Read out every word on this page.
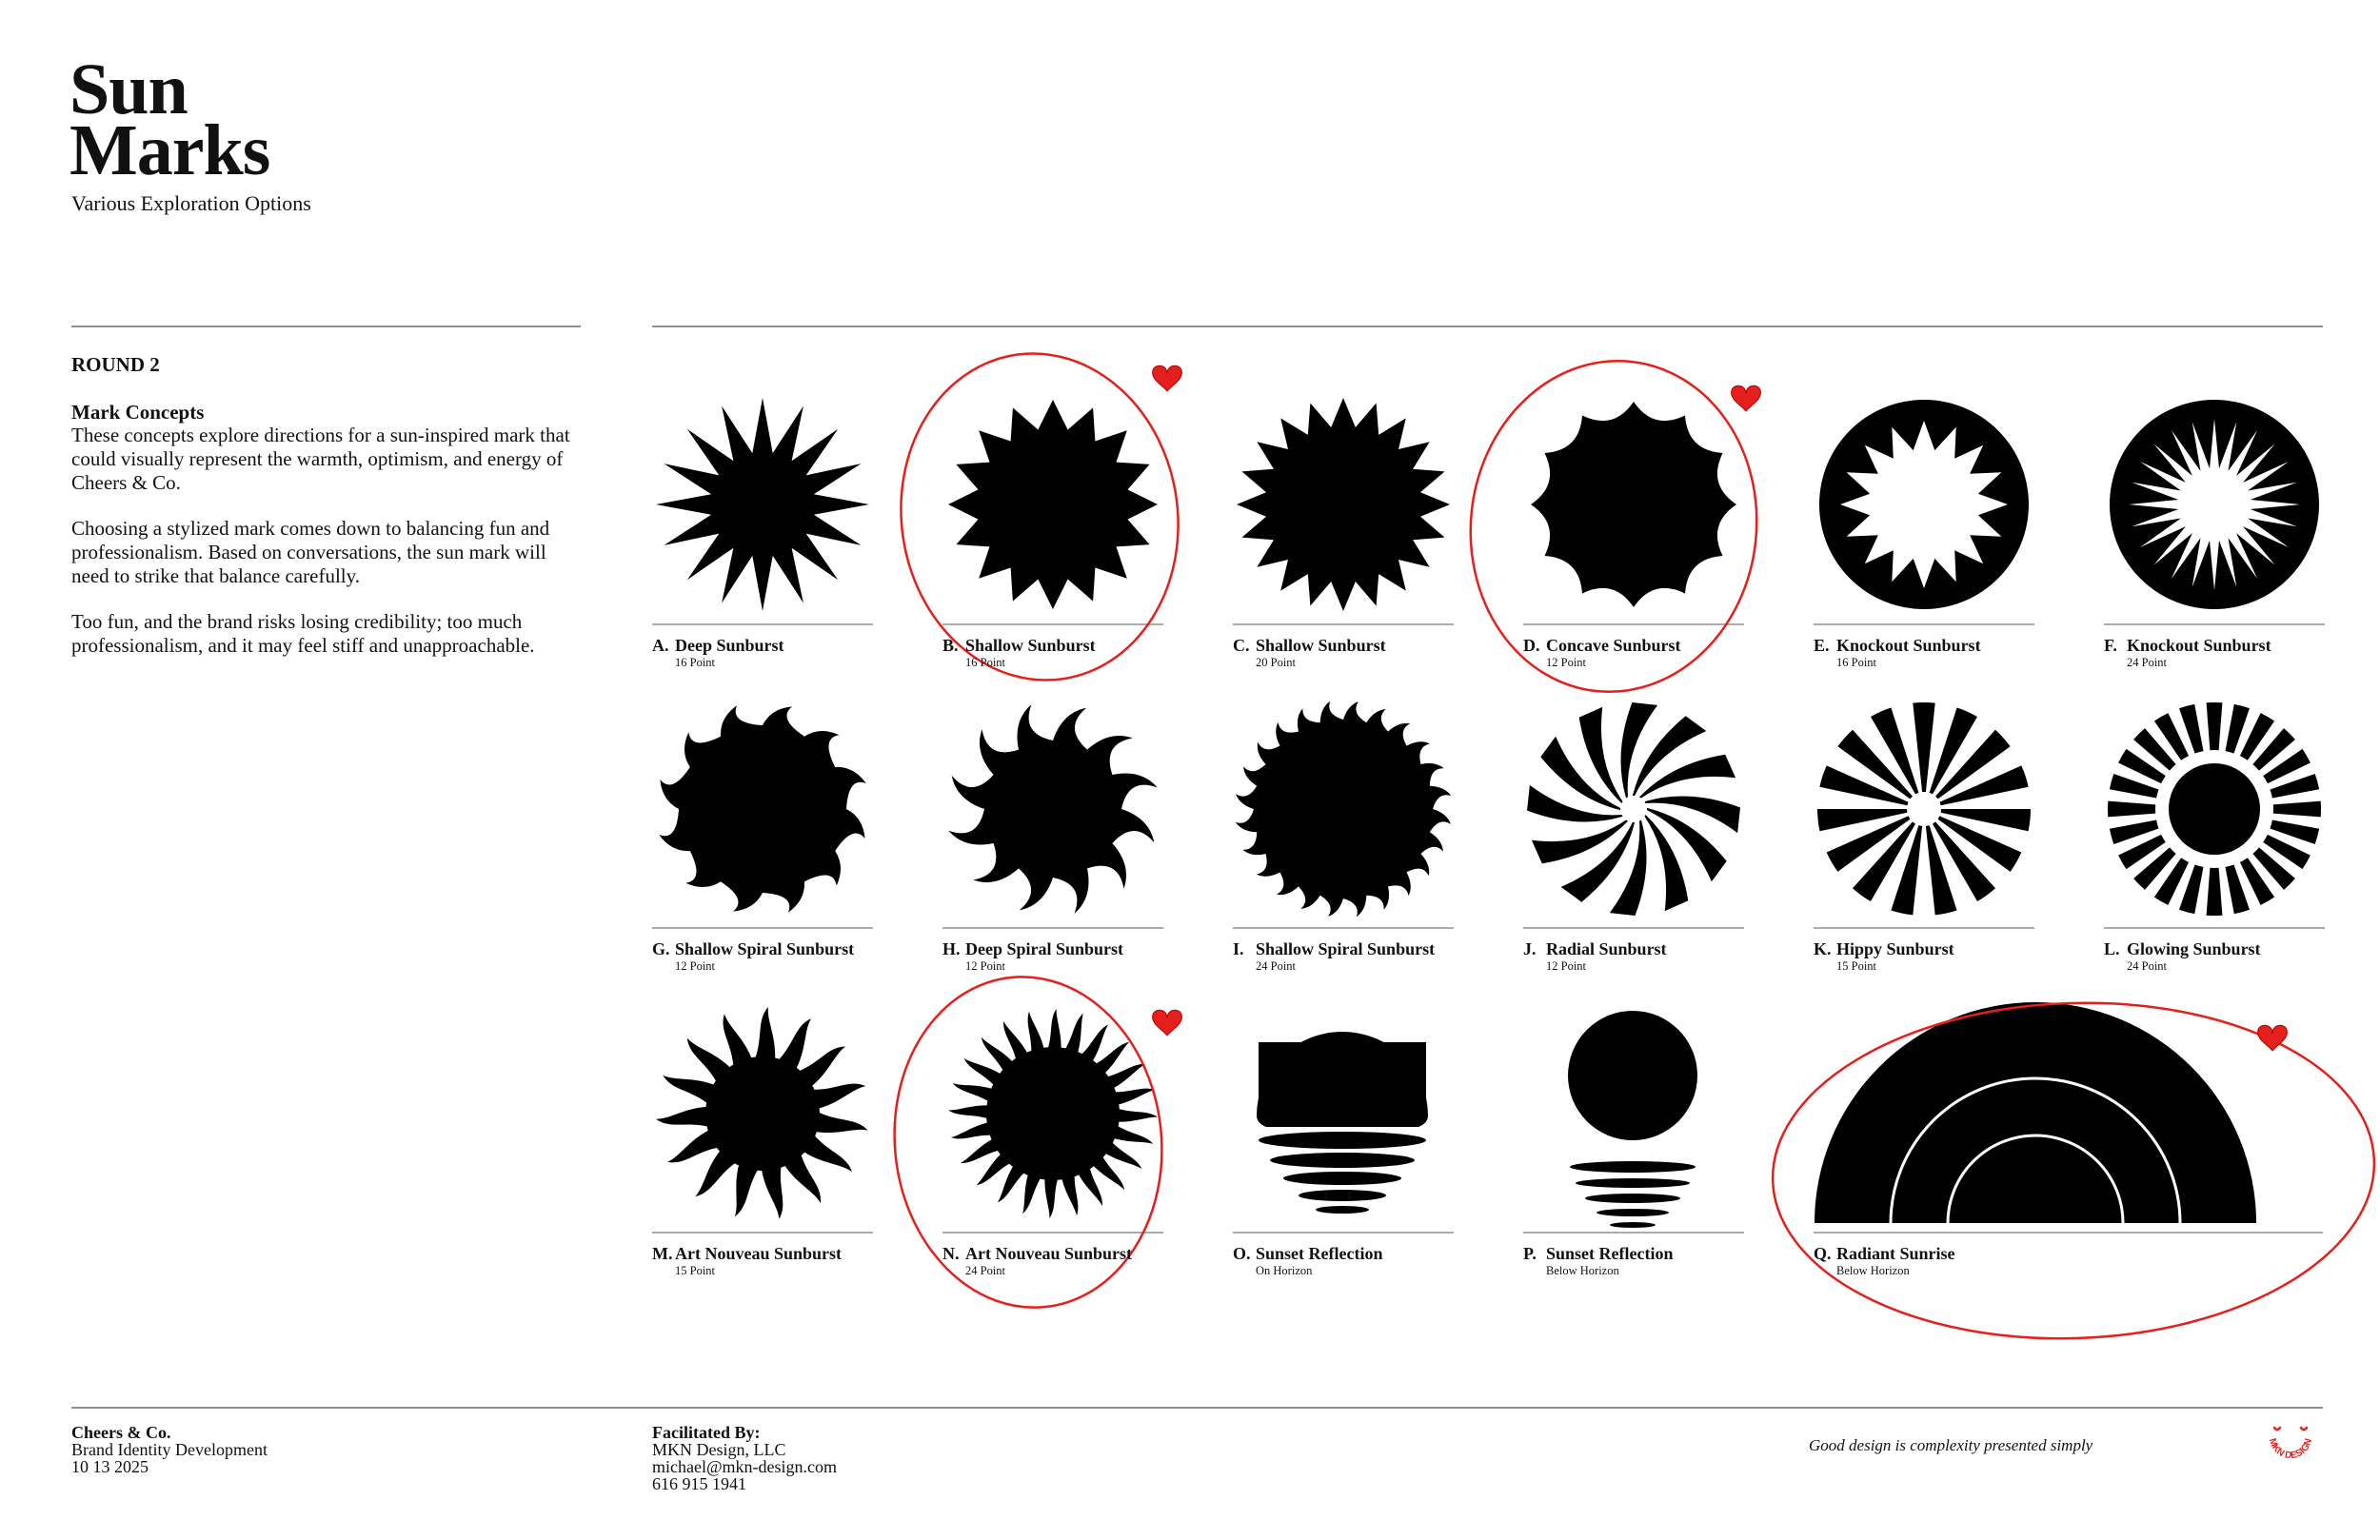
Sun
Marks
Various Exploration Options
ROUND 2
Mark Concepts
These concepts explore directions for a sun-inspired mark that could visually represent the warmth, optimism, and energy of Cheers & Co.
Choosing a stylized mark comes down to balancing fun and professionalism. Based on conversations, the sun mark will need to strike that balance carefully.
Too fun, and the brand risks losing credibility; too much professionalism, and it may feel stiff and unapproachable.	A. Deep Sunburst
16 Point
B. Shallow Sunburst
16 Point
C. Shallow Sunburst
20 Point
D. Concave Sunburst
12 Point
E. Knockout Sunburst
16 Point
F. Knockout Sunburst
24 Point
G. Shallow Spiral Sunburst
12 Point
H. Deep Spiral Sunburst
12 Point
I. Shallow Spiral Sunburst
24 Point
J. Radial Sunburst
12 Point
K. Hippy Sunburst
15 Point
L. Glowing Sunburst
24 Point
M. Art Nouveau Sunburst
15 Point
N. Art Nouveau Sunburst
24 Point
O. Sunset Reflection
On Horizon
P. Sunset Reflection
Below Horizon
Q. Radiant Sunrise
Below Horizon
Cheers & Co.
Brand Identity Development
10 13 2025
Facilitated By:
MKN Design, LLC
michael@mkn-design.com
616 915 1941
Good design is complexity presented simply	MKN DESIGN
